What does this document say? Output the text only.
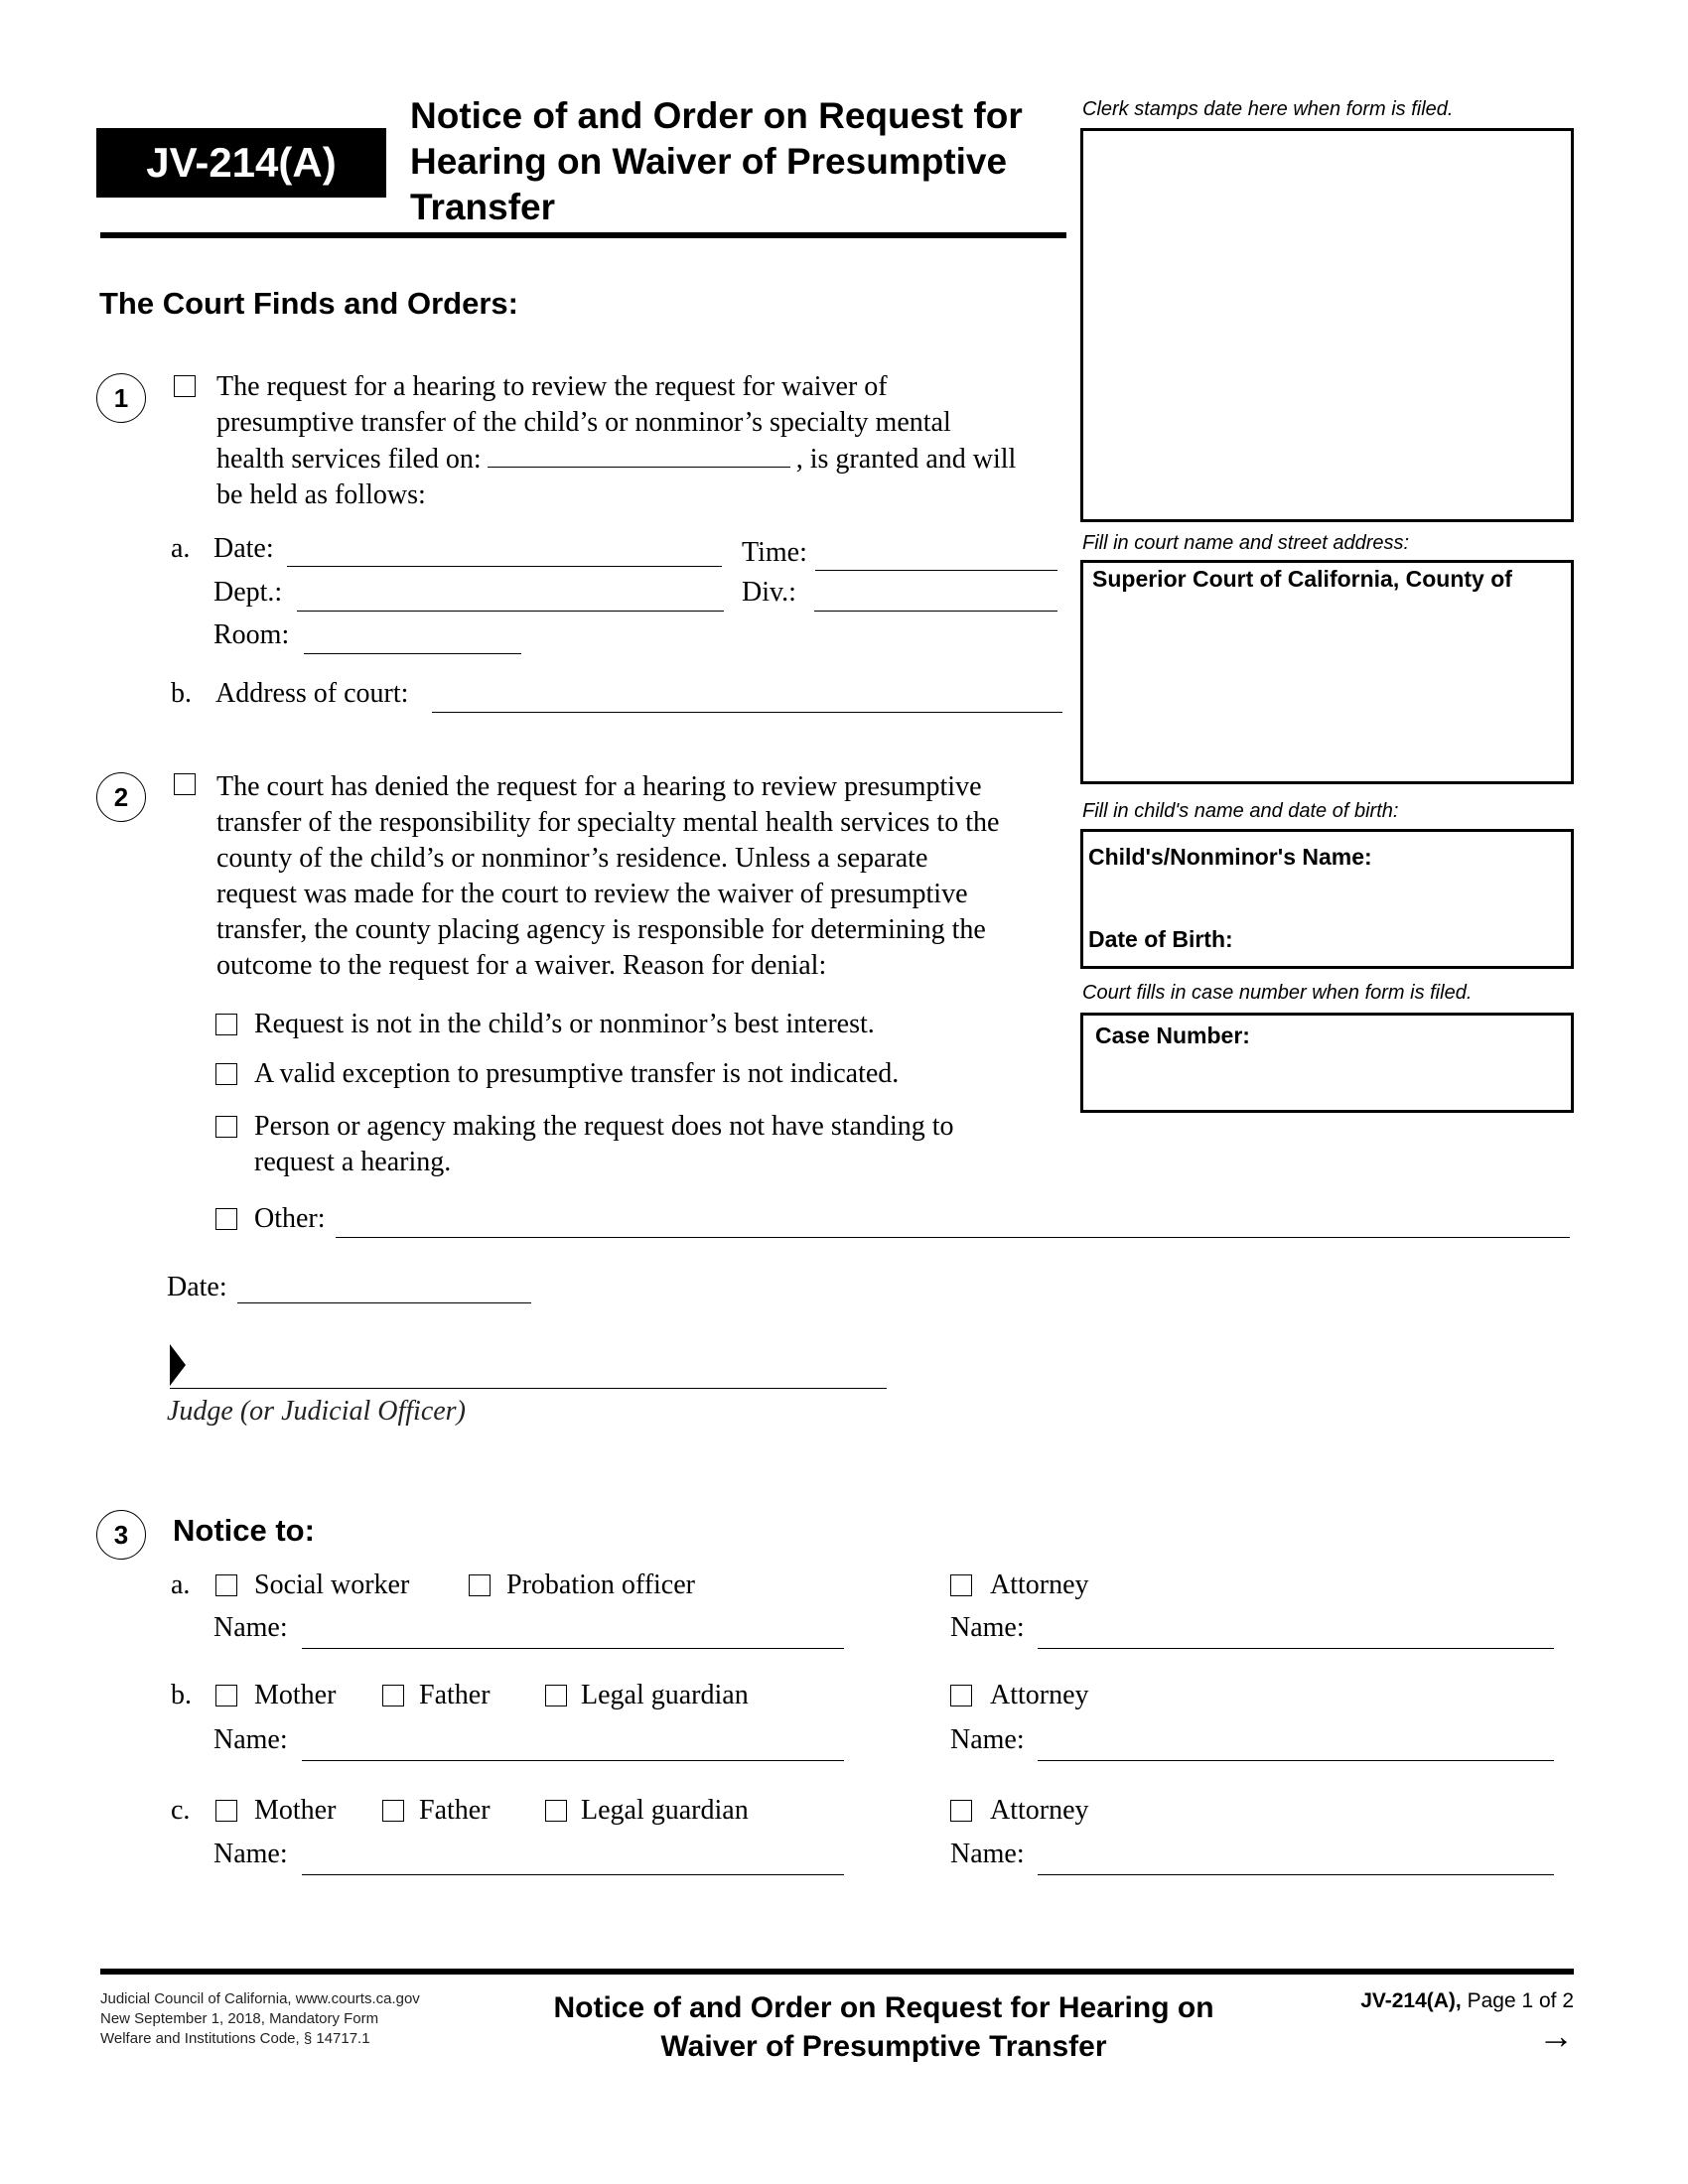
JV-214(A)
Notice of and Order on Request for
Hearing on Waiver of Presumptive
Transfer
Clerk stamps date here when form is filed.
Fill in court name and street address:
Superior Court of California, County of
Fill in child's name and date of birth:
Child's/Nonminor's Name:
Date of Birth:
Court fills in case number when form is filed.
Case Number:
The Court Finds and Orders:
1	The request for a hearing to review the request for waiver of
presumptive transfer of the child’s or nonminor’s specialty mental
health services filed on:	, is granted and will
be held as follows:
a. Date:	Time:
Dept.:	Div.:
Room:
b. Address of court:
2	The court has denied the request for a hearing to review presumptive
transfer of the responsibility for specialty mental health services to the
county of the child’s or nonminor’s residence. Unless a separate
request was made for the court to review the waiver of presumptive
transfer, the county placing agency is responsible for determining the
outcome to the request for a waiver. Reason for denial:
Request is not in the child’s or nonminor’s best interest.
A valid exception to presumptive transfer is not indicated.
Person or agency making the request does not have standing to
request a hearing.
Other:
Date:
Judge (or Judicial Officer)
3	Notice to:
a. Social worker	Probation officer	Attorney
Name:	Name:
b. Mother	Father	Legal guardian	Attorney
Name:	Name:
c. Mother	Father	Legal guardian	Attorney
Name:	Name:
Judicial Council of California, www.courts.ca.gov
New September 1, 2018, Mandatory Form
Welfare and Institutions Code, § 14717.1
Notice of and Order on Request for Hearing on
Waiver of Presumptive Transfer
JV-214(A), Page 1 of 2
→
